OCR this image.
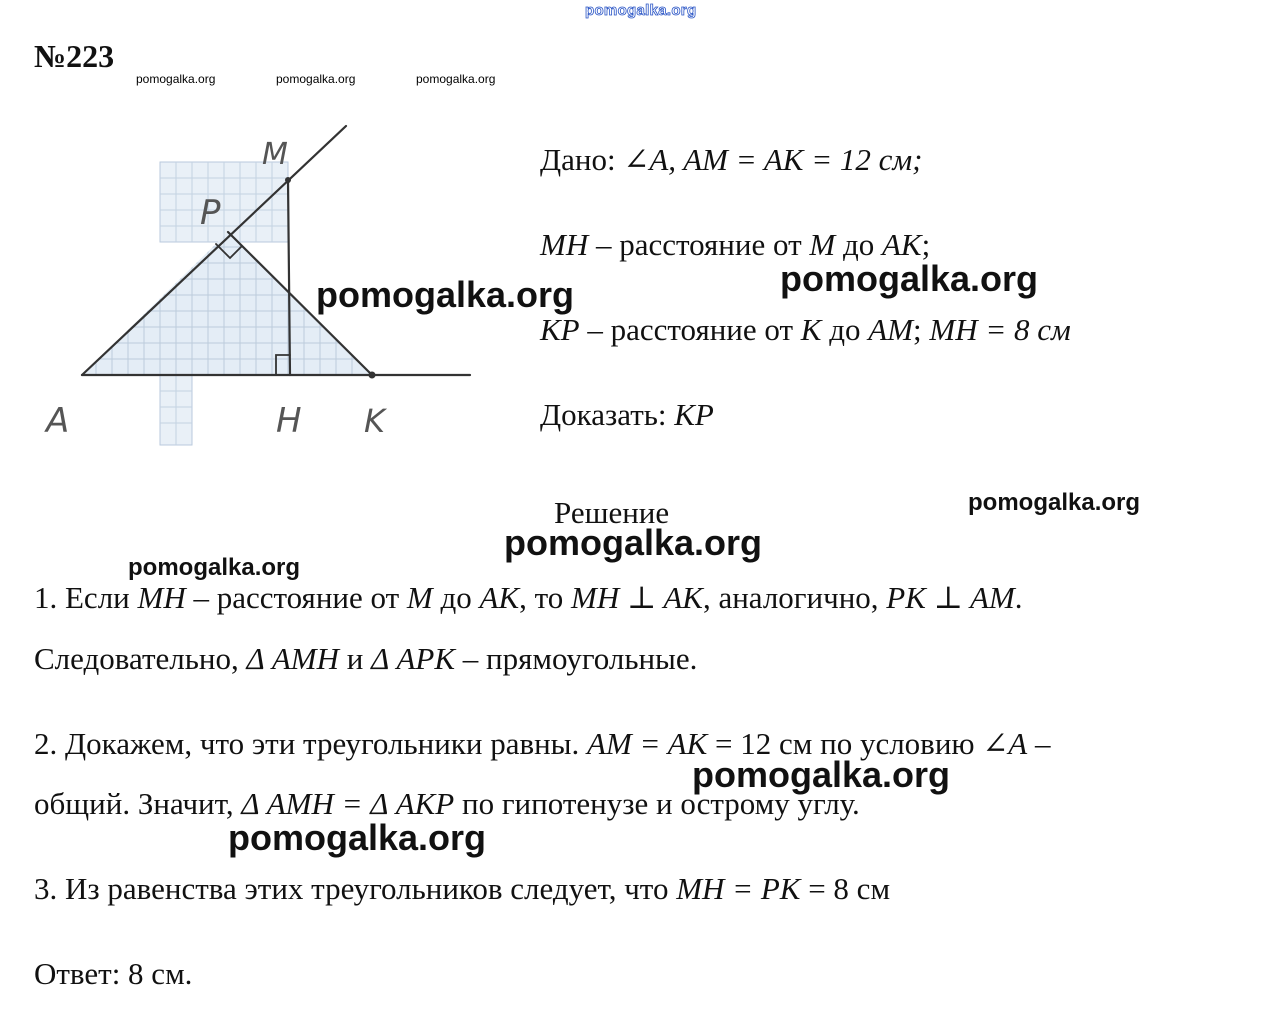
pomogalka.org
№223
pomogalka.org	pomogalka.org	pomogalka.org
M
P
A	H K
Дано: ∠A, AM = AK = 12 см;
MH – расстояние от M до AK;
KP – расстояние от K до AM; MH = 8 см
Доказать: KP
Решение
1. Если MH – расстояние от M до AK, то MH ⊥ AK, аналогично, PK ⊥ AM.
Следовательно, Δ AMH и Δ APK – прямоугольные.
2. Докажем, что эти треугольники равны. AM = AK = 12 см по условию ∠A –
общий. Значит, Δ AMH = Δ AKP по гипотенузе и острому углу.
3. Из равенства этих треугольников следует, что MH = PK = 8 см
Ответ: 8 см.
pomogalka.org	pomogalka.org
pomogalka.org
pomogalka.org
pomogalka.org
pomogalka.org
pomogalka.org
